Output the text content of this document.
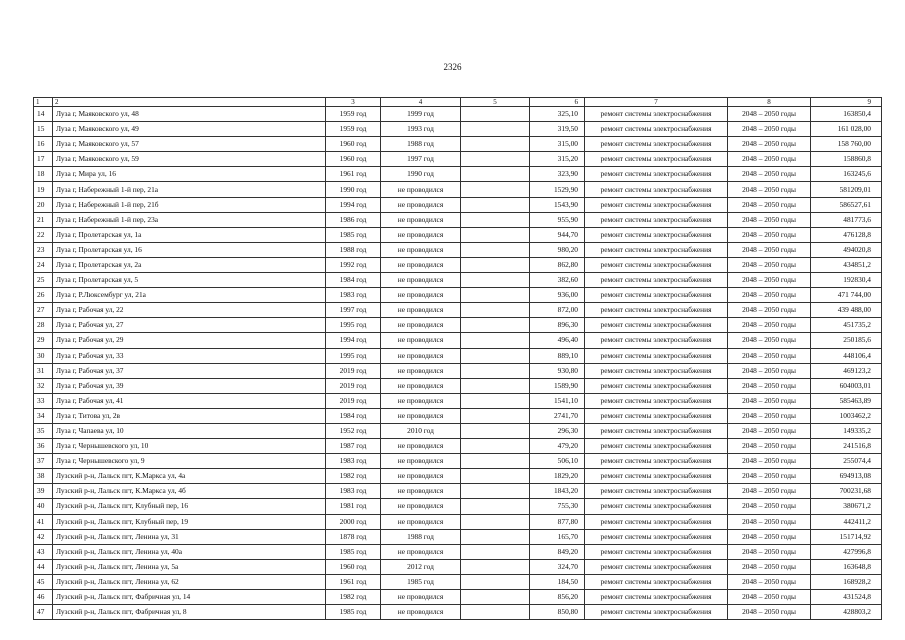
2326
1	2	3	4	5	6	7	8	9
14	Луза г, Маяковского ул, 48	1959 год	1999 год		325,10	ремонт системы электроснабжения	2048 – 2050 годы	163850,4
15	Луза г, Маяковского ул, 49	1959 год	1993 год		319,50	ремонт системы электроснабжения	2048 – 2050 годы	161 028,00
16	Луза г, Маяковского ул, 57	1960 год	1988 год		315,00	ремонт системы электроснабжения	2048 – 2050 годы	158 760,00
17	Луза г, Маяковского ул, 59	1960 год	1997 год		315,20	ремонт системы электроснабжения	2048 – 2050 годы	158860,8
18	Луза г, Мира ул, 16	1961 год	1990 год		323,90	ремонт системы электроснабжения	2048 – 2050 годы	163245,6
19	Луза г, Набережный 1-й пер, 21а	1990 год	не проводился		1529,90	ремонт системы электроснабжения	2048 – 2050 годы	581209,01
20	Луза г, Набережный 1-й пер, 21б	1994 год	не проводился		1543,90	ремонт системы электроснабжения	2048 – 2050 годы	586527,61
21	Луза г, Набережный 1-й пер, 23а	1986 год	не проводился		955,90	ремонт системы электроснабжения	2048 – 2050 годы	481773,6
22	Луза г, Пролетарская ул, 1а	1985 год	не проводился		944,70	ремонт системы электроснабжения	2048 – 2050 годы	476128,8
23	Луза г, Пролетарская ул, 16	1988 год	не проводился		980,20	ремонт системы электроснабжения	2048 – 2050 годы	494020,8
24	Луза г, Пролетарская ул, 2а	1992 год	не проводился		862,80	ремонт системы электроснабжения	2048 – 2050 годы	434851,2
25	Луза г, Пролетарская ул, 5	1984 год	не проводился		382,60	ремонт системы электроснабжения	2048 – 2050 годы	192830,4
26	Луза г, Р.Люксембург ул, 21а	1983 год	не проводился		936,00	ремонт системы электроснабжения	2048 – 2050 годы	471 744,00
27	Луза г, Рабочая ул, 22	1997 год	не проводился		872,00	ремонт системы электроснабжения	2048 – 2050 годы	439 488,00
28	Луза г, Рабочая ул, 27	1995 год	не проводился		896,30	ремонт системы электроснабжения	2048 – 2050 годы	451735,2
29	Луза г, Рабочая ул, 29	1994 год	не проводился		496,40	ремонт системы электроснабжения	2048 – 2050 годы	250185,6
30	Луза г, Рабочая ул, 33	1995 год	не проводился		889,10	ремонт системы электроснабжения	2048 – 2050 годы	448106,4
31	Луза г, Рабочая ул, 37	2019 год	не проводился		930,80	ремонт системы электроснабжения	2048 – 2050 годы	469123,2
32	Луза г, Рабочая ул, 39	2019 год	не проводился		1589,90	ремонт системы электроснабжения	2048 – 2050 годы	604003,01
33	Луза г, Рабочая ул, 41	2019 год	не проводился		1541,10	ремонт системы электроснабжения	2048 – 2050 годы	585463,89
34	Луза г, Титова ул, 2в	1984 год	не проводился		2741,70	ремонт системы электроснабжения	2048 – 2050 годы	1003462,2
35	Луза г, Чапаева ул, 10	1952 год	2010 год		296,30	ремонт системы электроснабжения	2048 – 2050 годы	149335,2
36	Луза г, Чернышевского ул, 10	1987 год	не проводился		479,20	ремонт системы электроснабжения	2048 – 2050 годы	241516,8
37	Луза г, Чернышевского ул, 9	1983 год	не проводился		506,10	ремонт системы электроснабжения	2048 – 2050 годы	255074,4
38	Лузский р-н, Лальск пгт, К.Маркса ул, 4а	1982 год	не проводился		1829,20	ремонт системы электроснабжения	2048 – 2050 годы	694913,08
39	Лузский р-н, Лальск пгт, К.Маркса ул, 4б	1983 год	не проводился		1843,20	ремонт системы электроснабжения	2048 – 2050 годы	700231,68
40	Лузский р-н, Лальск пгт, Клубный пер, 16	1981 год	не проводился		755,30	ремонт системы электроснабжения	2048 – 2050 годы	380671,2
41	Лузский р-н, Лальск пгт, Клубный пер, 19	2000 год	не проводился		877,80	ремонт системы электроснабжения	2048 – 2050 годы	442411,2
42	Лузский р-н, Лальск пгт, Ленина ул, 31	1878 год	1988 год		165,70	ремонт системы электроснабжения	2048 – 2050 годы	151714,92
43	Лузский р-н, Лальск пгт, Ленина ул, 40а	1985 год	не проводился		849,20	ремонт системы электроснабжения	2048 – 2050 годы	427996,8
44	Лузский р-н, Лальск пгт, Ленина ул, 5а	1960 год	2012 год		324,70	ремонт системы электроснабжения	2048 – 2050 годы	163648,8
45	Лузский р-н, Лальск пгт, Ленина ул, 62	1961 год	1985 год		184,50	ремонт системы электроснабжения	2048 – 2050 годы	168928,2
46	Лузский р-н, Лальск пгт, Фабричная ул, 14	1982 год	не проводился		856,20	ремонт системы электроснабжения	2048 – 2050 годы	431524,8
47	Лузский р-н, Лальск пгт, Фабричная ул, 8	1985 год	не проводился		850,80	ремонт системы электроснабжения	2048 – 2050 годы	428803,2
